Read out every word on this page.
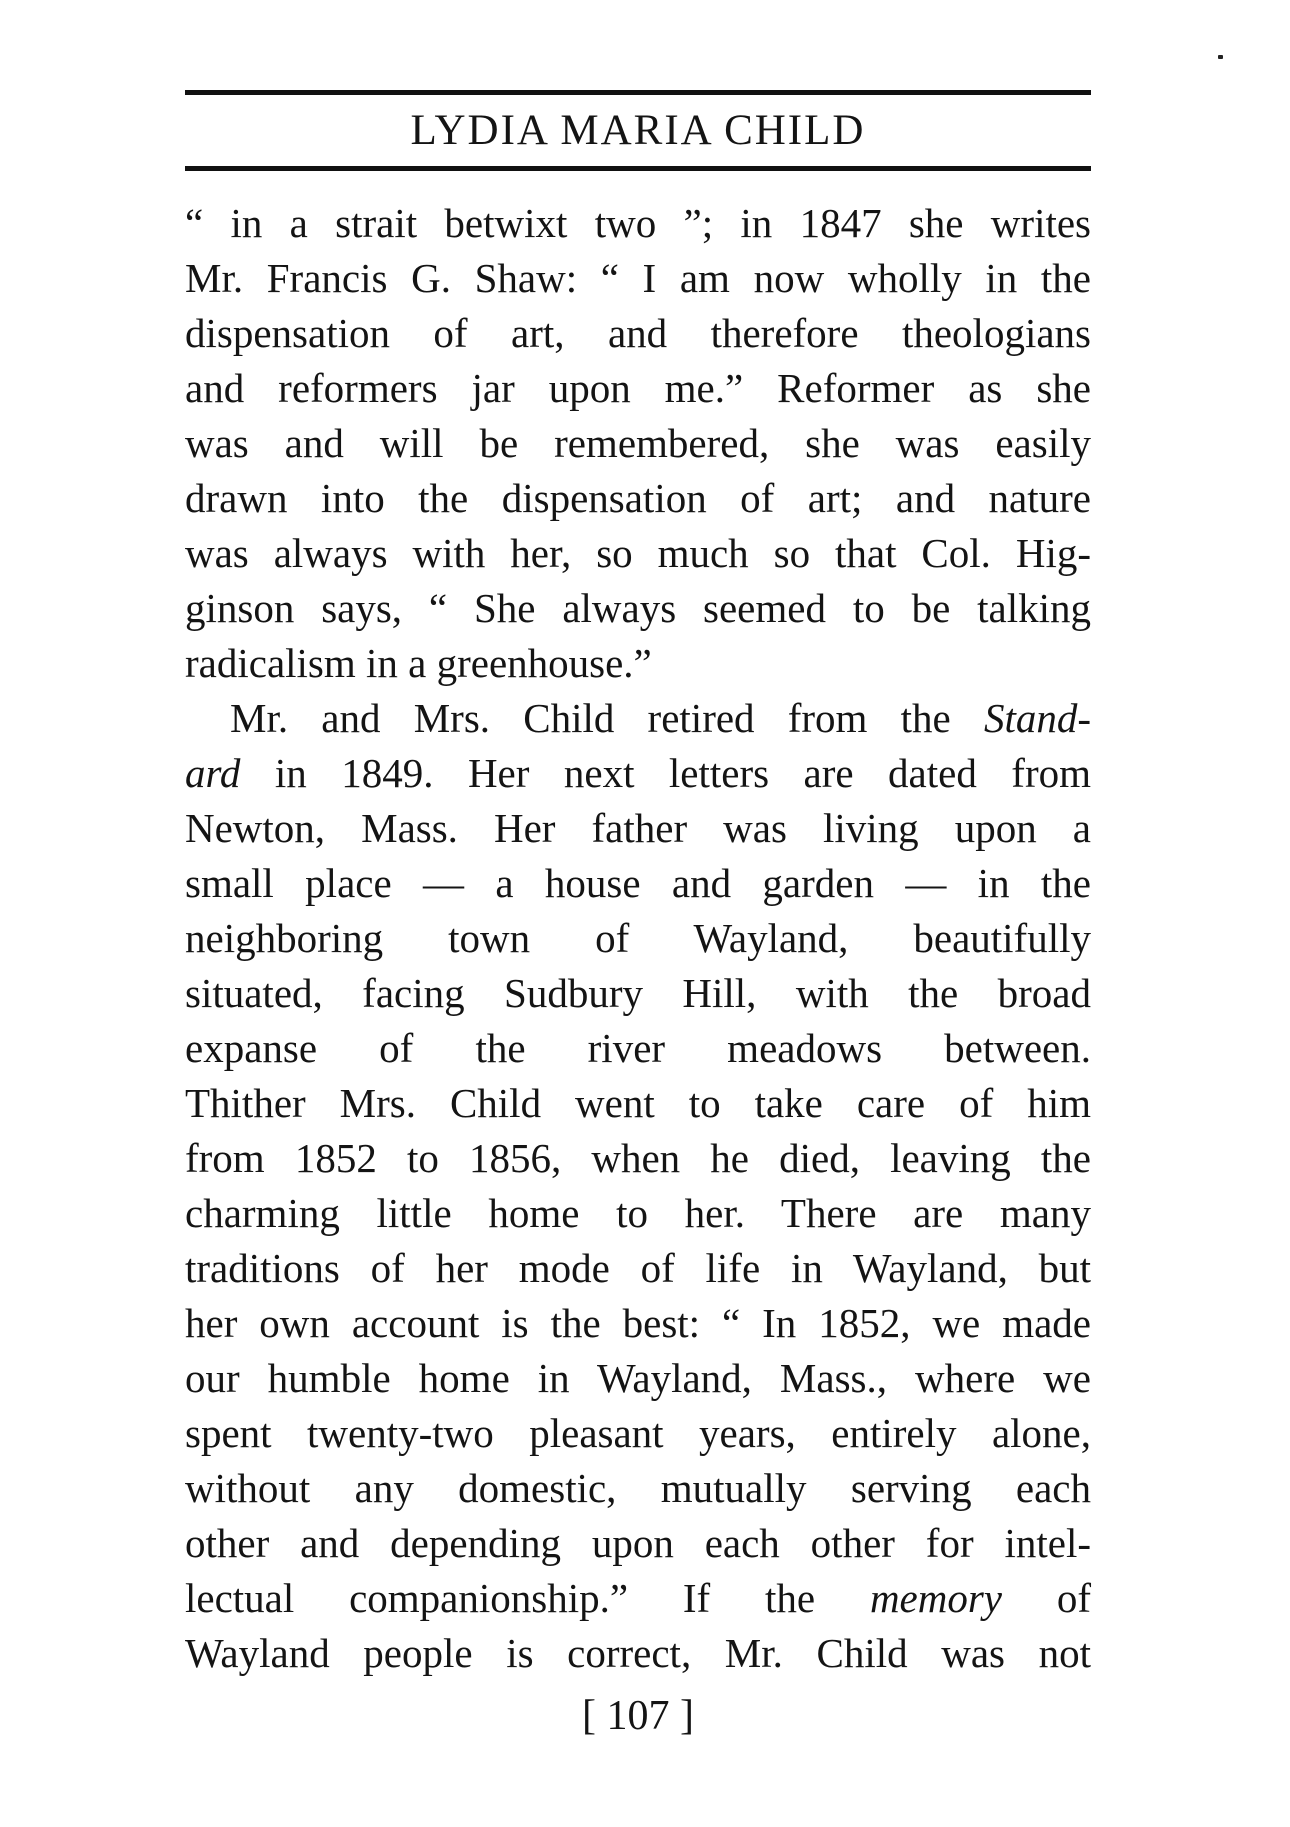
LYDIA MARIA CHILD
“ in a strait betwixt two ”; in 1847 she writes
Mr. Francis G. Shaw: “ I am now wholly in the
dispensation of art, and therefore theologians
and reformers jar upon me.” Reformer as she
was and will be remembered, she was easily
drawn into the dispensation of art; and nature
was always with her, so much so that Col. Hig-
ginson says, “ She always seemed to be talking
radicalism in a greenhouse.”
Mr. and Mrs. Child retired from the Stand-
ard in 1849. Her next letters are dated from
Newton, Mass. Her father was living upon a
small place — a house and garden — in the
neighboring town of Wayland, beautifully
situated, facing Sudbury Hill, with the broad
expanse of the river meadows between.
Thither Mrs. Child went to take care of him
from 1852 to 1856, when he died, leaving the
charming little home to her. There are many
traditions of her mode of life in Wayland, but
her own account is the best: “ In 1852, we made
our humble home in Wayland, Mass., where we
spent twenty-two pleasant years, entirely alone,
without any domestic, mutually serving each
other and depending upon each other for intel-
lectual companionship.” If the memory of
Wayland people is correct, Mr. Child was not
[ 107 ]
